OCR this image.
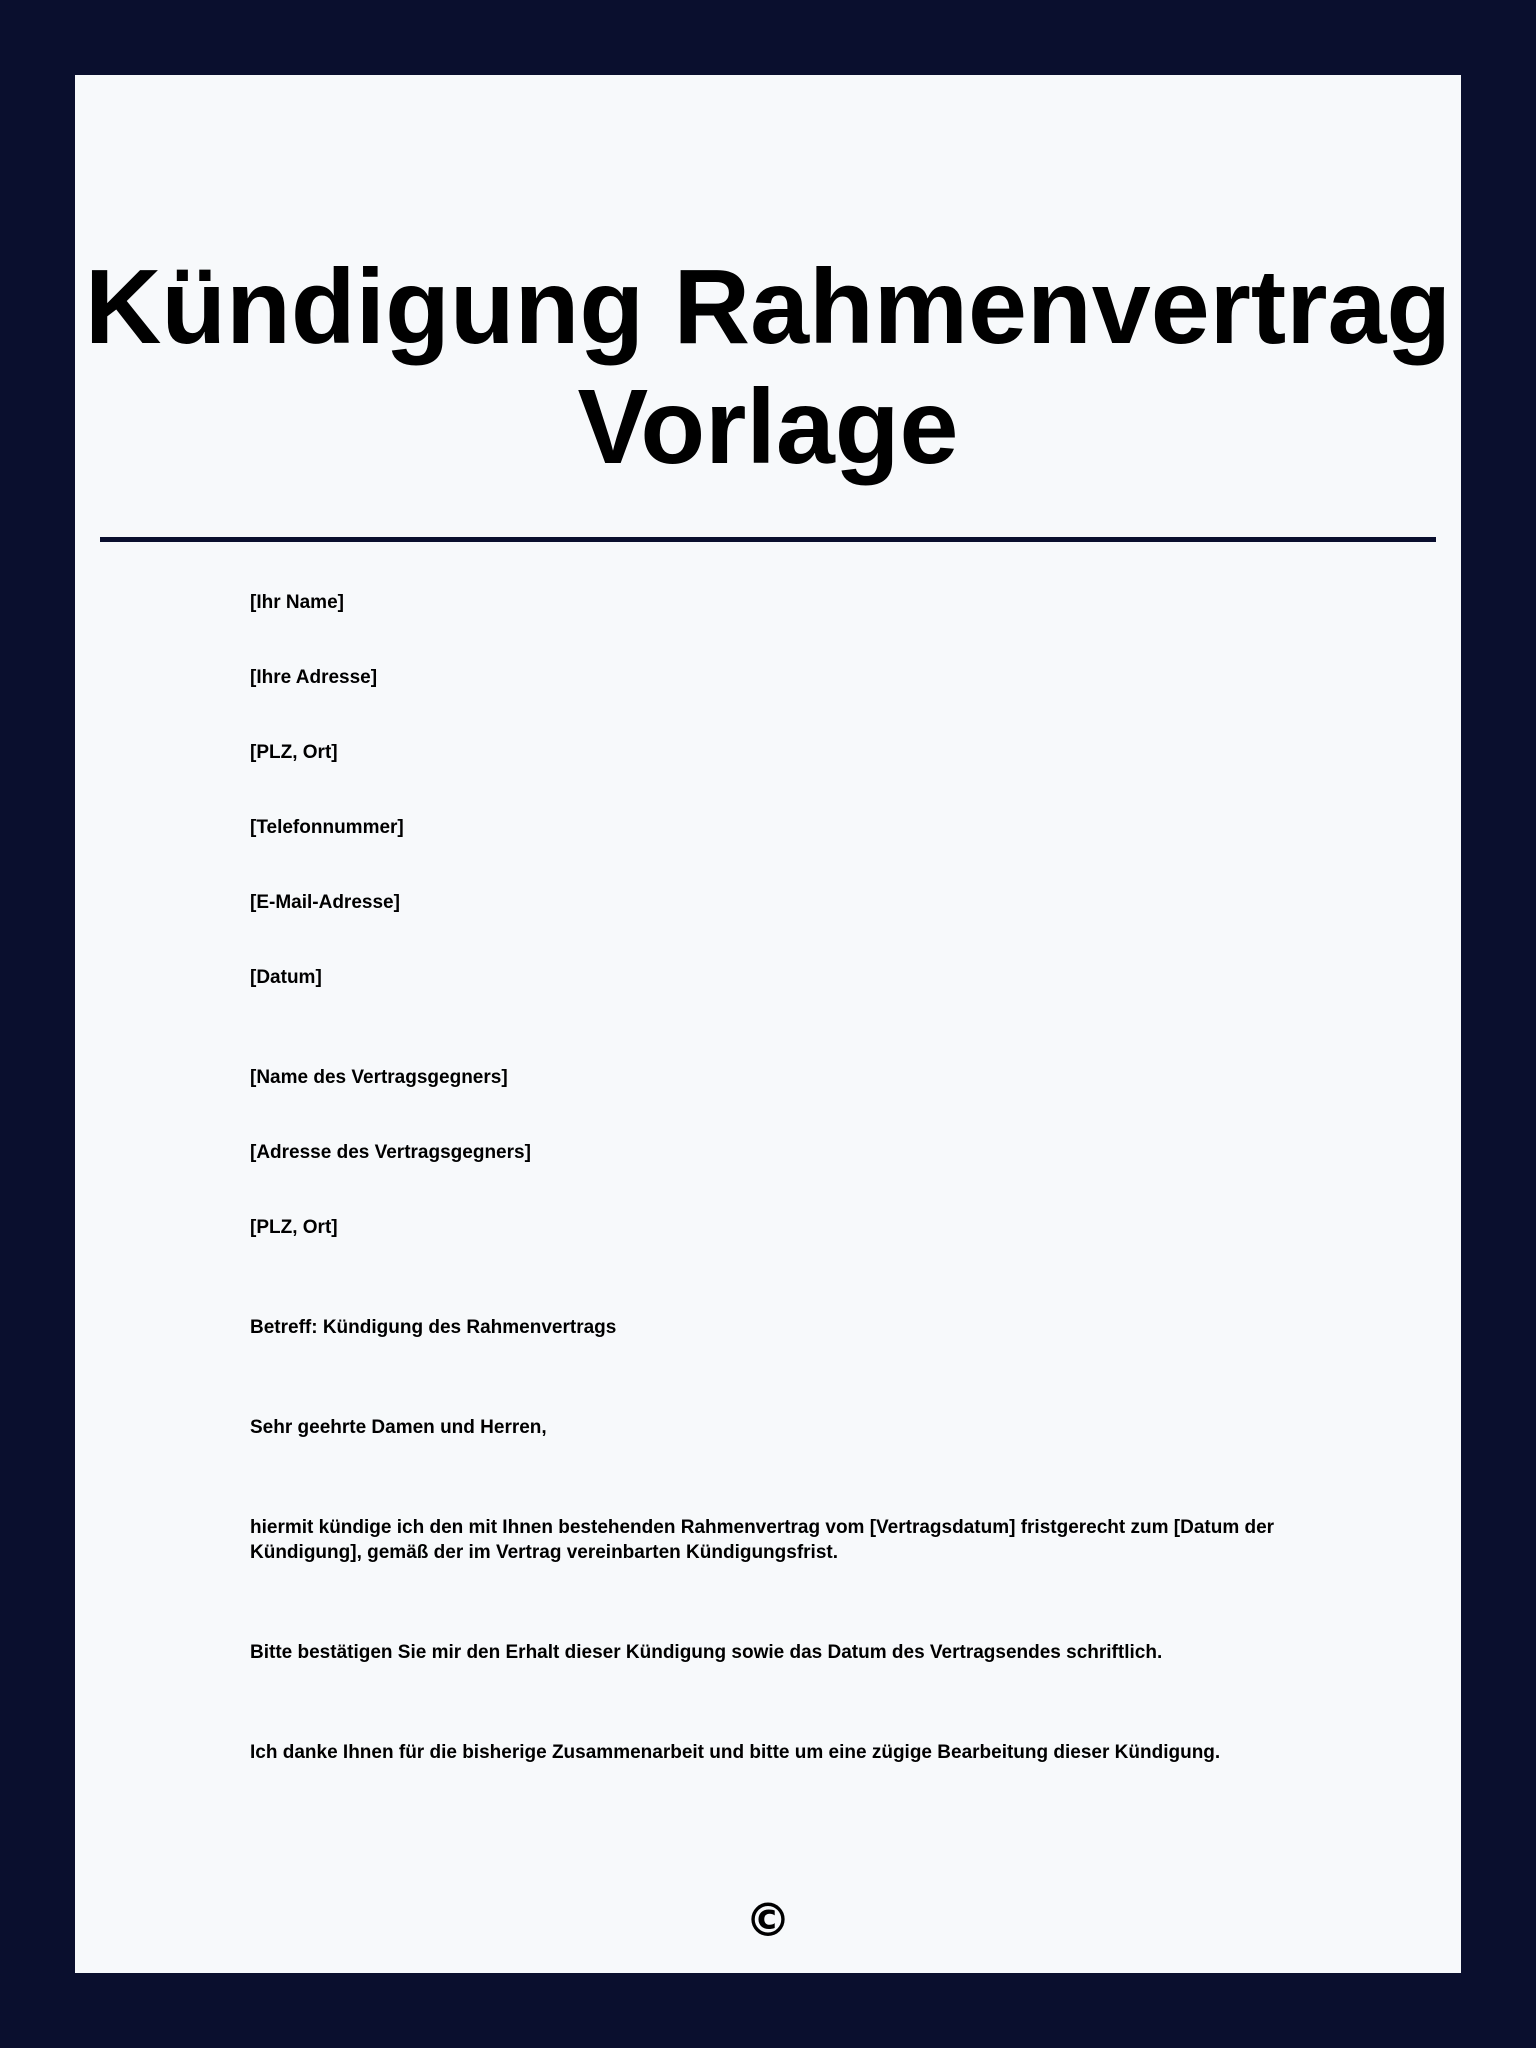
Kündigung Rahmenvertrag Vorlage

[Ihr Name]

[Ihre Adresse]

[PLZ, Ort]

[Telefonnummer]

[E-Mail-Adresse]

[Datum]

[Name des Vertragsgegners]

[Adresse des Vertragsgegners]

[PLZ, Ort]

Betreff: Kündigung des Rahmenvertrags

Sehr geehrte Damen und Herren,

hiermit kündige ich den mit Ihnen bestehenden Rahmenvertrag vom [Vertragsdatum] fristgerecht zum [Datum der Kündigung], gemäß der im Vertrag vereinbarten Kündigungsfrist.

Bitte bestätigen Sie mir den Erhalt dieser Kündigung sowie das Datum des Vertragsendes schriftlich.

Ich danke Ihnen für die bisherige Zusammenarbeit und bitte um eine zügige Bearbeitung dieser Kündigung.

©
